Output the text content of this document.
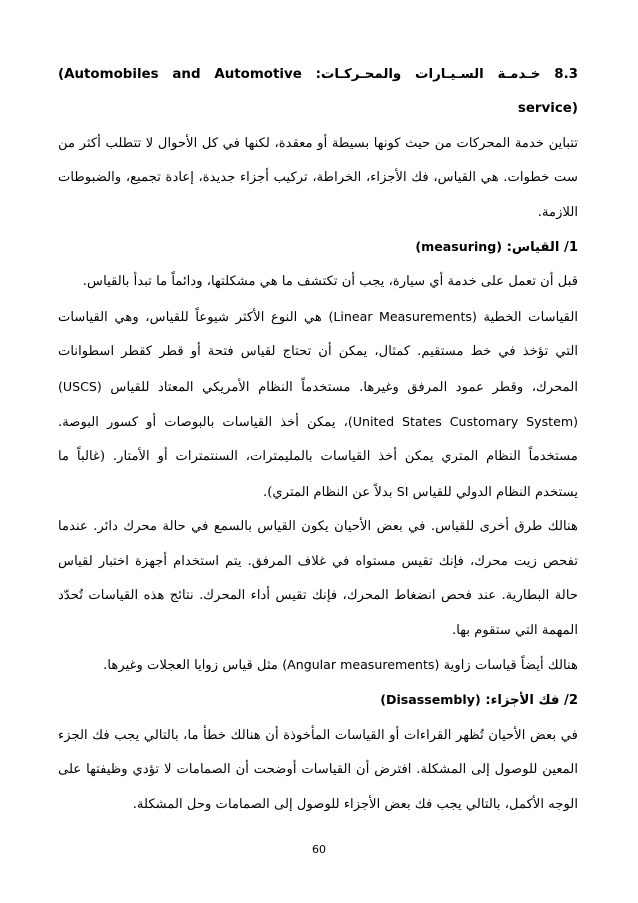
8.3 خـدمـة السـيـارات والمحـركـات: (Automobiles and Automotive service)

تتباين خدمة المحركات من حيث كونها بسيطة أو معقدة، لكنها في كل الأحوال لا تتطلب أكثر من ست خطوات. هي القياس، فك الأجزاء، الخراطة، تركيب أجزاء جديدة، إعادة تجميع، والضبوطات اللازمة.

1/ القياس: (measuring)

قبل أن تعمل على خدمة أي سيارة، يجب أن تكتشف ما هي مشكلتها، ودائماً ما تبدأ بالقياس.

القياسات الخطية (Linear Measurements) هي النوع الأكثر شيوعاً للقياس، وهي القياسات التي تؤخذ في خط مستقيم. كمثال، يمكن أن تحتاج لقياس فتحة أو قطر كقطر اسطوانات المحرك، وقطر عمود المرفق وغيرها. مستخدماً النظام الأمريكي المعتاد للقياس (USCS) (United States Customary System)، يمكن أخذ القياسات بالبوصات أو كسور البوصة. مستخدماً النظام المتري يمكن أخذ القياسات بالمليمترات، السنتمترات أو الأمتار. (غالباً ما يستخدم النظام الدولي للقياس SI بدلاً عن النظام المتري).

هنالك طرق أخرى للقياس. في بعض الأحيان يكون القياس بالسمع في حالة محرك دائر. عندما تفحص زيت محرك، فإنك تقيس مستواه في غلاف المرفق. يتم استخدام أجهزة اختبار لقياس حالة البطارية. عند فحص انضغاط المحرك، فإنك تقيس أداء المحرك. نتائج هذه القياسات تُحدّد المهمة التي ستقوم بها.

هنالك أيضاً قياسات زاوية (Angular measurements) مثل قياس زوايا العجلات وغيرها.

2/ فك الأجزاء: (Disassembly)

في بعض الأحيان تُظهر القراءات أو القياسات المأخوذة أن هنالك خطأ ما، بالتالي يجب فك الجزء المعين للوصول إلى المشكلة. افترض أن القياسات أوضحت أن الصمامات لا تؤدي وظيفتها على الوجه الأكمل، بالتالي يجب فك بعض الأجزاء للوصول إلى الصمامات وحل المشكلة.

60
